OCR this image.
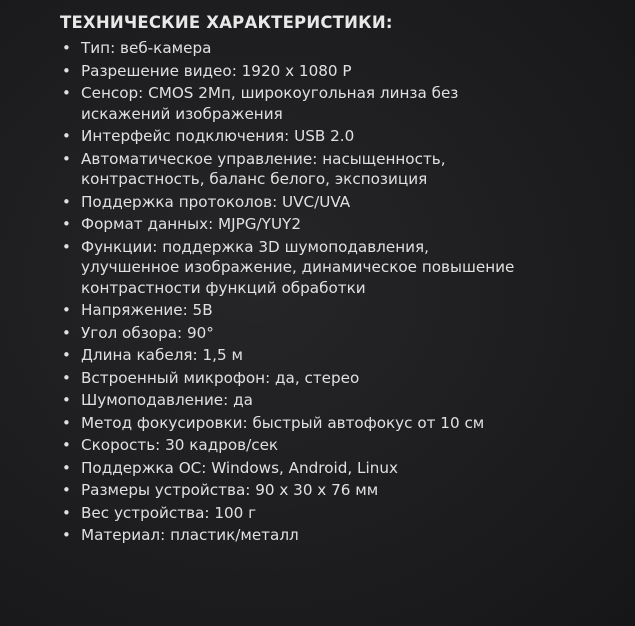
ТЕХНИЧЕСКИЕ ХАРАКТЕРИСТИКИ:
• Тип: веб-камера
• Разрешение видео: 1920 х 1080 Р
• Сенсор: CMOS 2Мп, широкоугольная линза без
искажений изображения
• Интерфейс подключения: USB 2.0
• Автоматическое управление: насыщенность,
контрастность, баланс белого, экспозиция
• Поддержка протоколов: UVC/UVA
• Формат данных: MJPG/YUY2
• Функции: поддержка 3D шумоподавления,
улучшенное изображение, динамическое повышение
контрастности функций обработки
• Напряжение: 5В
• Угол обзора: 90°
• Длина кабеля: 1,5 м
• Встроенный микрофон: да, стерео
• Шумоподавление: да
• Метод фокусировки: быстрый автофокус от 10 см
• Скорость: 30 кадров/сек
• Поддержка ОС: Windows, Android, Linux
• Размеры устройства: 90 х 30 х 76 мм
• Вес устройства: 100 г
• Материал: пластик/металл
